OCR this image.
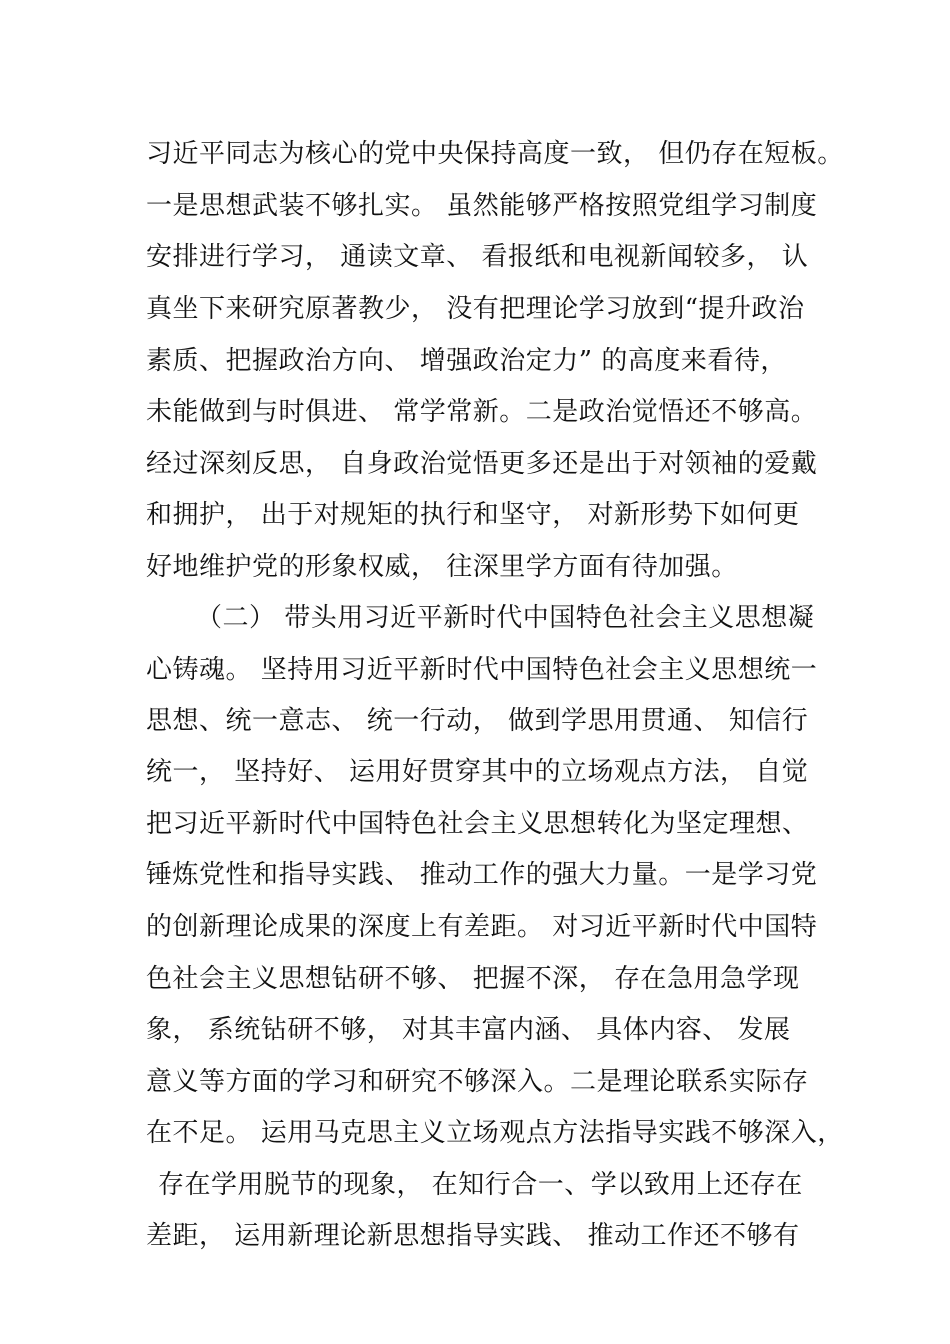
习近平同志为核心的党中央保持高度一致， 但仍存在短板。
一是思想武装不够扎实。 虽然能够严格按照党组学习制度
安排进行学习， 通读文章、 看报纸和电视新闻较多， 认
真坐下来研究原著教少， 没有把理论学习放到“提升政治
素质、把握政治方向、 增强政治定力” 的高度来看待，
未能做到与时俱进、 常学常新。二是政治觉悟还不够高。
经过深刻反思， 自身政治觉悟更多还是出于对领袖的爱戴
和拥护， 出于对规矩的执行和坚守， 对新形势下如何更
好地维护党的形象权威， 往深里学方面有待加强。
（二） 带头用习近平新时代中国特色社会主义思想凝
心铸魂。 坚持用习近平新时代中国特色社会主义思想统一
思想、统一意志、 统一行动， 做到学思用贯通、 知信行
统一， 坚持好、 运用好贯穿其中的立场观点方法， 自觉
把习近平新时代中国特色社会主义思想转化为坚定理想、
锤炼党性和指导实践、 推动工作的强大力量。一是学习党
的创新理论成果的深度上有差距。 对习近平新时代中国特
色社会主义思想钻研不够、 把握不深， 存在急用急学现
象， 系统钻研不够， 对其丰富内涵、 具体内容、 发展
意义等方面的学习和研究不够深入。二是理论联系实际存
在不足。 运用马克思主义立场观点方法指导实践不够深入，
存在学用脱节的现象， 在知行合一、学以致用上还存在
差距， 运用新理论新思想指导实践、 推动工作还不够有
